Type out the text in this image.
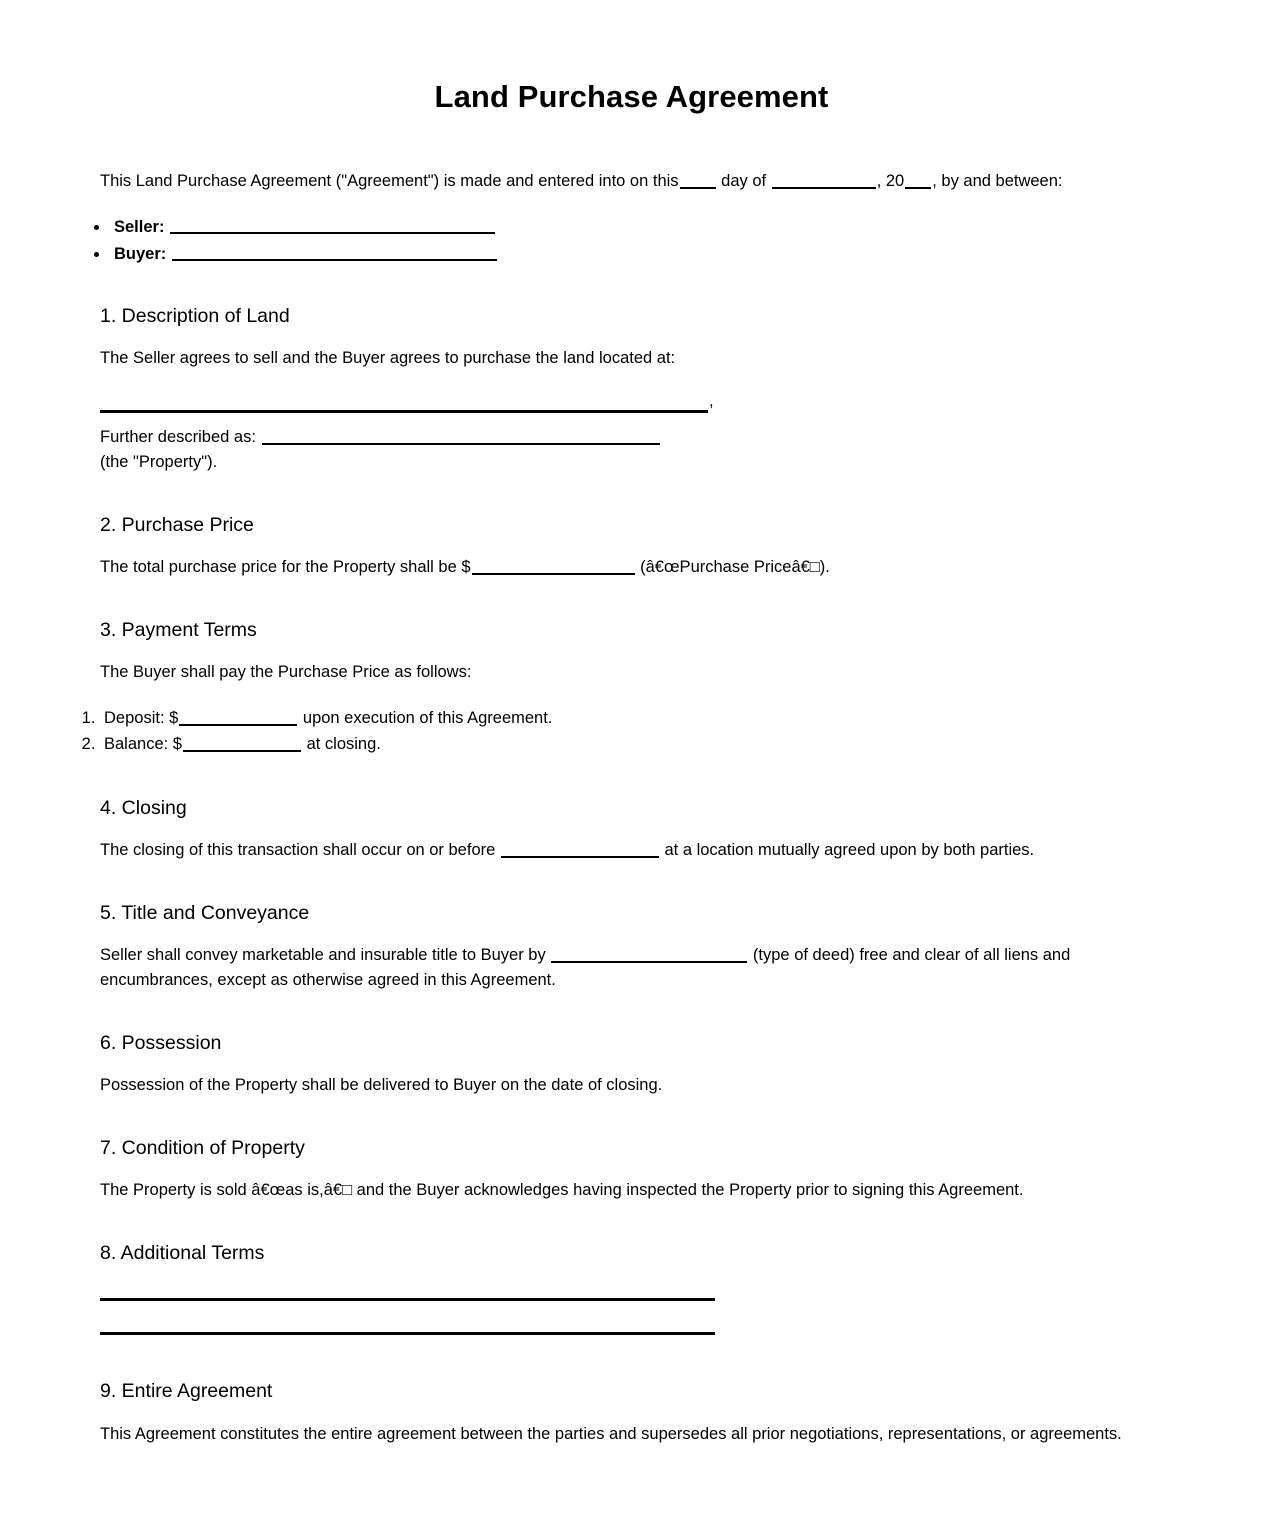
Land Purchase Agreement

This Land Purchase Agreement ("Agreement") is made and entered into on this	day of	, 20 , by and between:

• Seller:
• Buyer:
1. Description of Land

The Seller agrees to sell and the Buyer agrees to purchase the land located at:

,

Further described as:

(the "Property").

2. Purchase Price

The total purchase price for the Property shall be $	(â€œPurchase Priceâ€□).

3. Payment Terms

The Buyer shall pay the Purchase Price as follows:

1. Deposit: $	upon execution of this Agreement.
2. Balance: $	at closing.
4. Closing

The closing of this transaction shall occur on or before	at a location mutually agreed upon by both parties.

5. Title and Conveyance

Seller shall convey marketable and insurable title to Buyer by	(type of deed) free and clear of all liens and encumbrances, except as otherwise agreed in this Agreement.

6. Possession

Possession of the Property shall be delivered to Buyer on the date of closing.

7. Condition of Property

The Property is sold â€œas is,â€□ and the Buyer acknowledges having inspected the Property prior to signing this Agreement.

8. Additional Terms
9. Entire Agreement

This Agreement constitutes the entire agreement between the parties and supersedes all prior negotiations, representations, or agreements.
